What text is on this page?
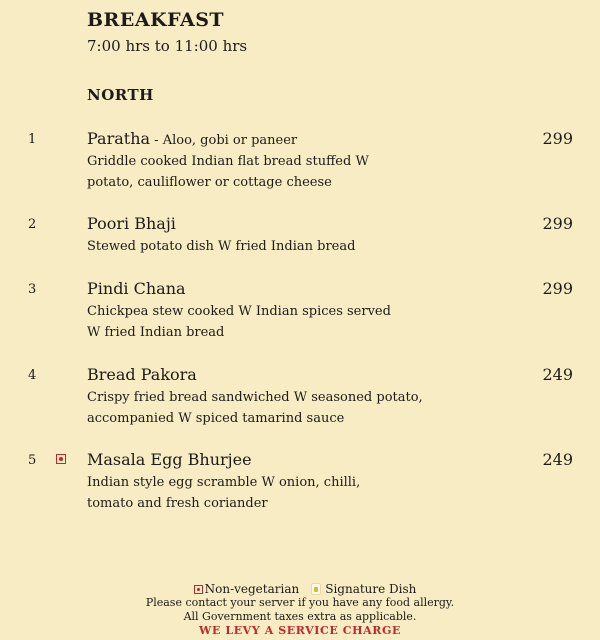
BREAKFAST
7:00 hrs to 11:00 hrs
NORTH
1	Paratha - Aloo, gobi or paneer	299
Griddle cooked Indian flat bread stuffed W
potato, cauliflower or cottage cheese
2	Poori Bhaji	299
Stewed potato dish W fried Indian bread
3	Pindi Chana	299
Chickpea stew cooked W Indian spices served
W fried Indian bread
4	Bread Pakora	249
Crispy fried bread sandwiched W seasoned potato,
accompanied W spiced tamarind sauce
5	Masala Egg Bhurjee	249
Indian style egg scramble W onion, chilli,
tomato and fresh coriander
Non-vegetarian Signature Dish
Please contact your server if you have any food allergy.
All Government taxes extra as applicable.
WE LEVY A SERVICE CHARGE
